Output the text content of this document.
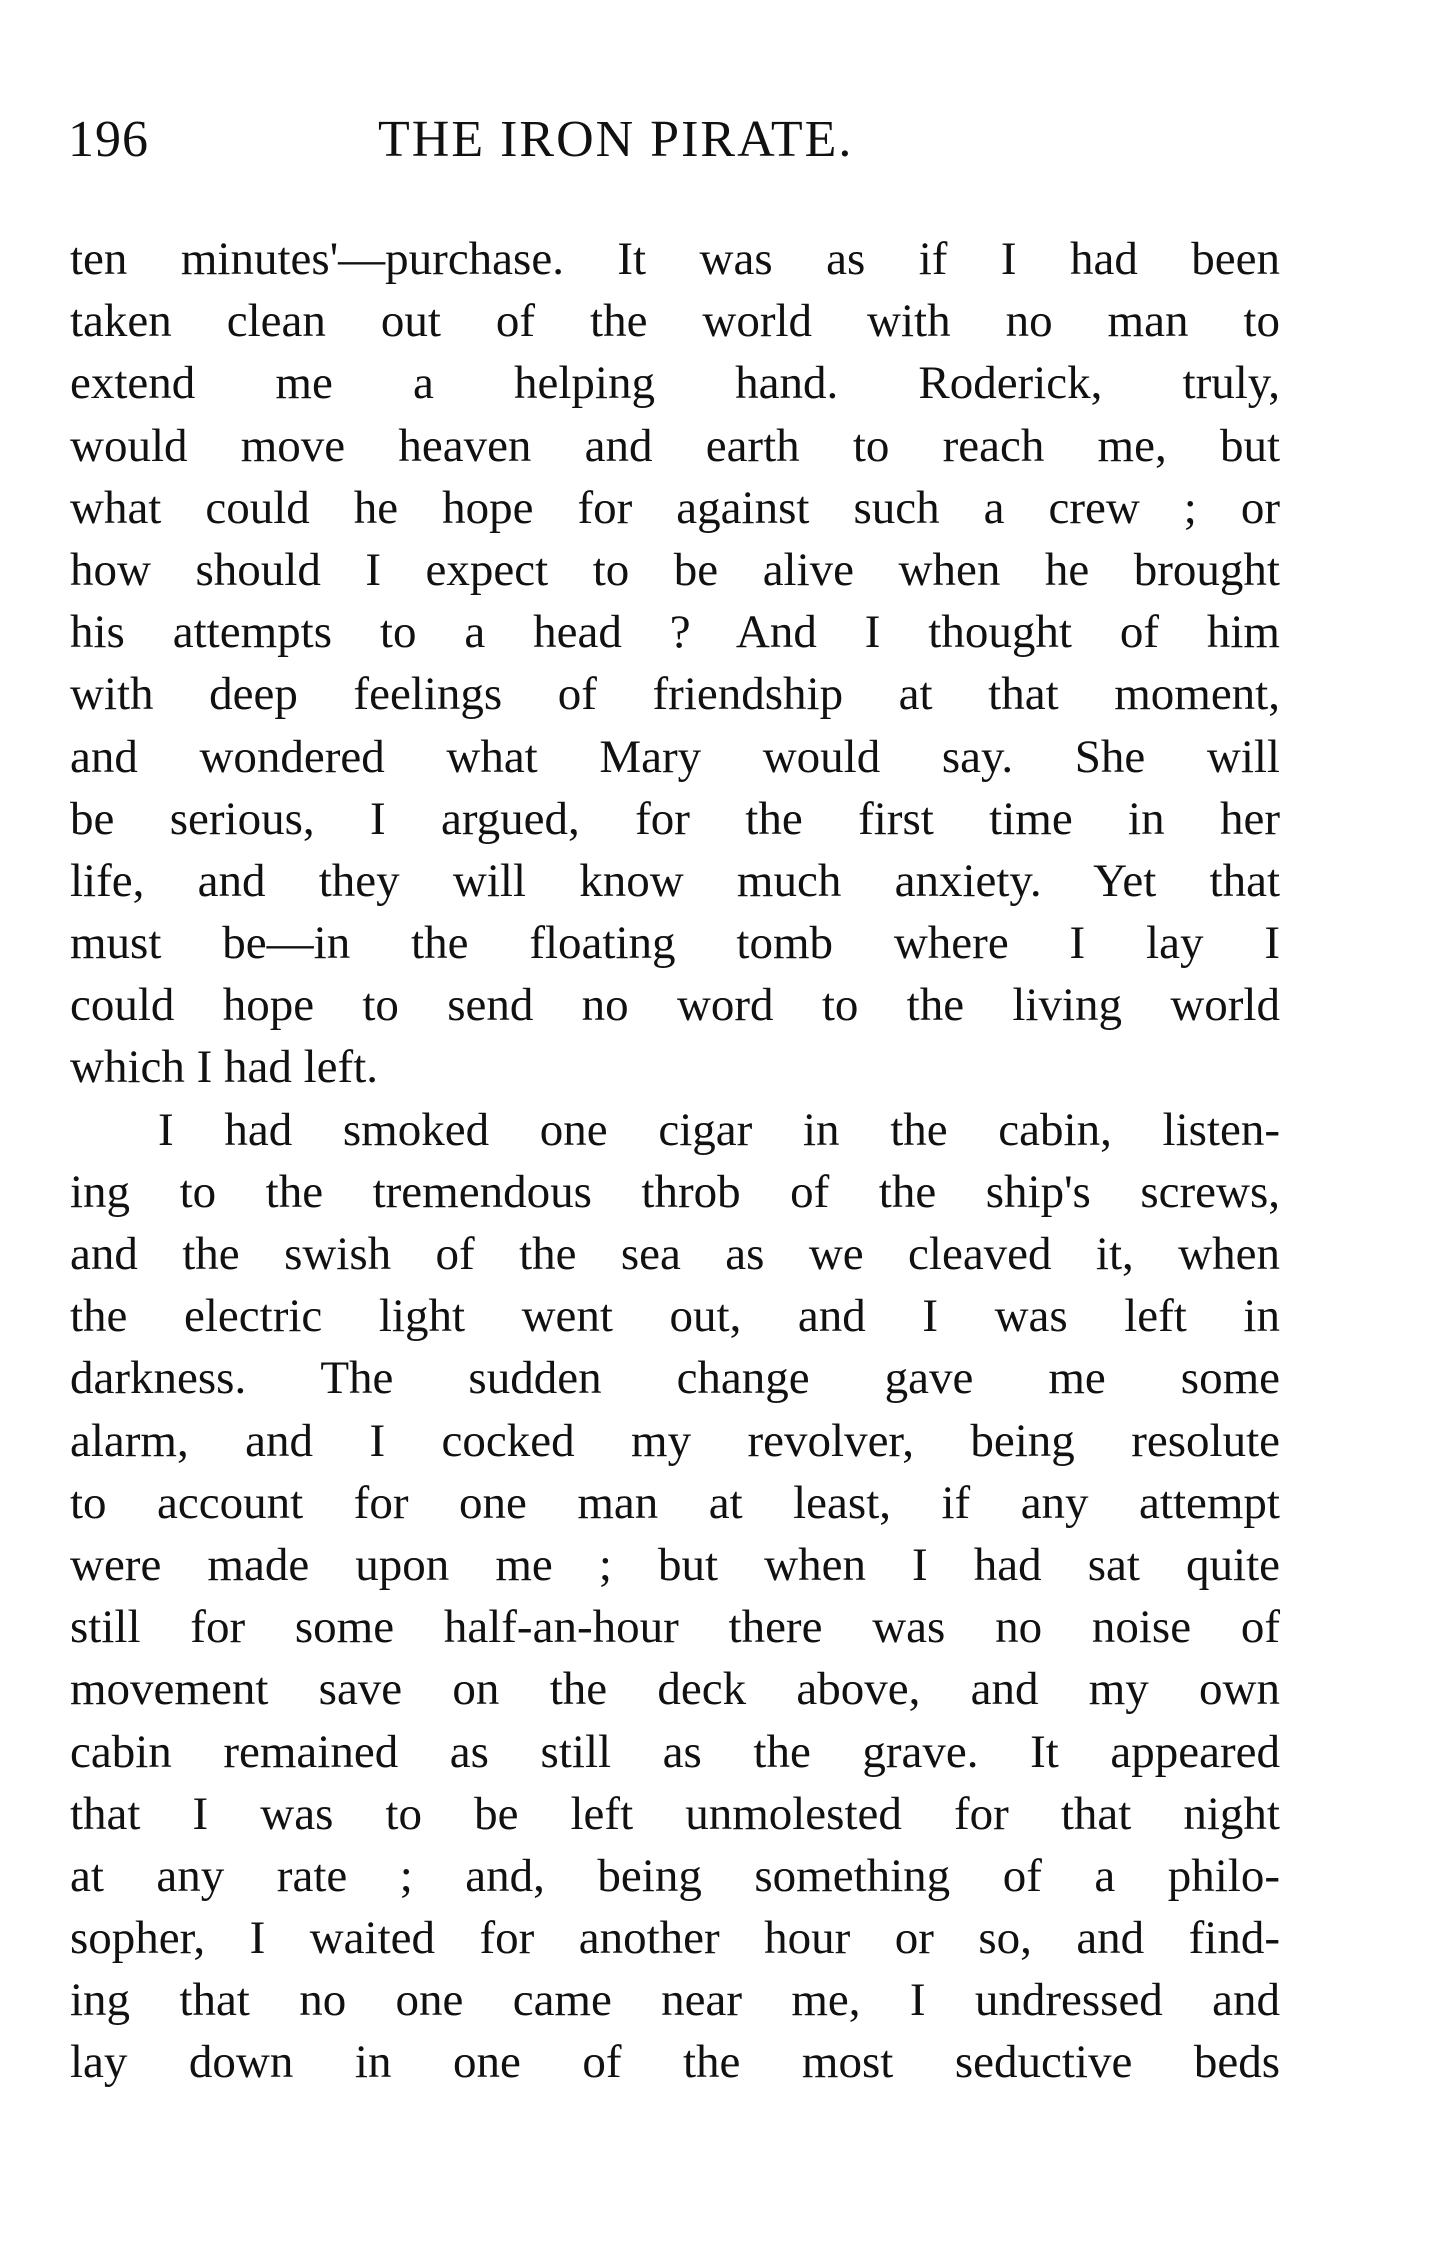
196	THE IRON PIRATE.
ten minutes'—purchase. It was as if I had been
taken clean out of the world with no man to
extend me a helping hand. Roderick, truly,
would move heaven and earth to reach me, but
what could he hope for against such a crew ; or
how should I expect to be alive when he brought
his attempts to a head ? And I thought of him
with deep feelings of friendship at that moment,
and wondered what Mary would say. She will
be serious, I argued, for the first time in her
life, and they will know much anxiety. Yet that
must be—in the floating tomb where I lay I
could hope to send no word to the living world
which I had left.
I had smoked one cigar in the cabin, listen-
ing to the tremendous throb of the ship's screws,
and the swish of the sea as we cleaved it, when
the electric light went out, and I was left in
darkness. The sudden change gave me some
alarm, and I cocked my revolver, being resolute
to account for one man at least, if any attempt
were made upon me ; but when I had sat quite
still for some half-an-hour there was no noise of
movement save on the deck above, and my own
cabin remained as still as the grave. It appeared
that I was to be left unmolested for that night
at any rate ; and, being something of a philo-
sopher, I waited for another hour or so, and find-
ing that no one came near me, I undressed and
lay down in one of the most seductive beds
